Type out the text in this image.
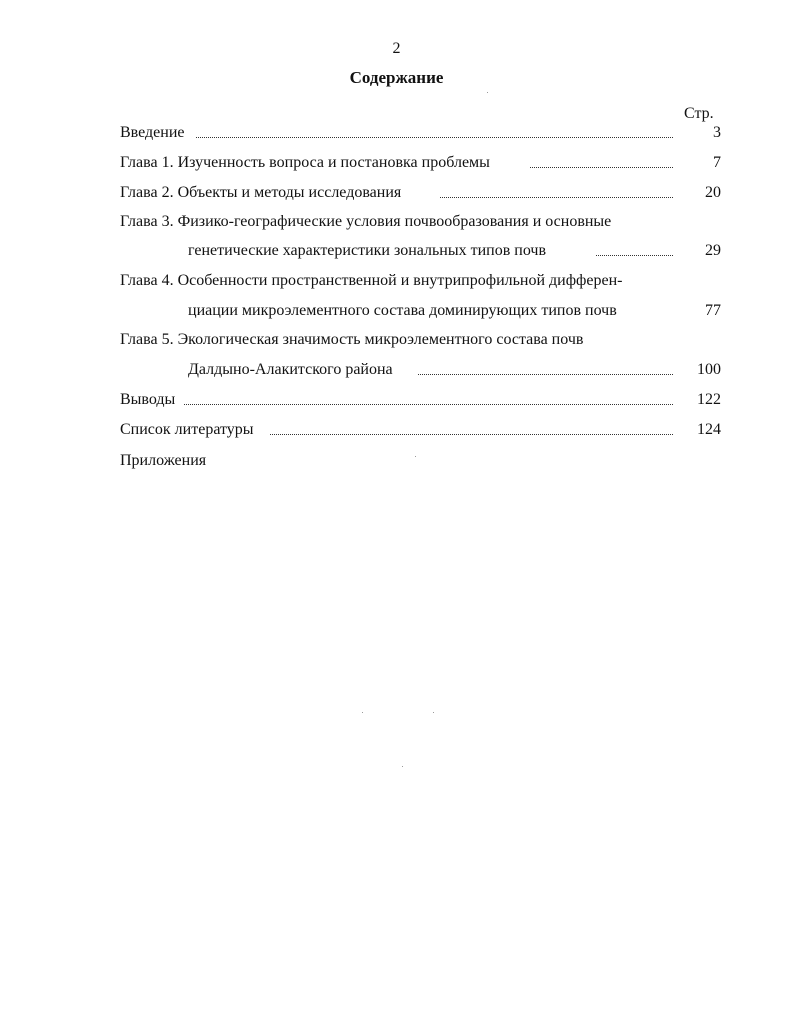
2
Содержание
Стр.
Введение	3
Глава 1. Изученность вопроса и постановка проблемы	7
Глава 2. Объекты и методы исследования	20
Глава 3. Физико-географические условия почвообразования и основные
генетические характеристики зональных типов почв	29
Глава 4. Особенности пространственной и внутрипрофильной дифферен-
циации микроэлементного состава доминирующих типов почв	77
Глава 5. Экологическая значимость микроэлементного состава почв
Далдыно-Алакитского района	100
Выводы	122
Список литературы	124
Приложения
